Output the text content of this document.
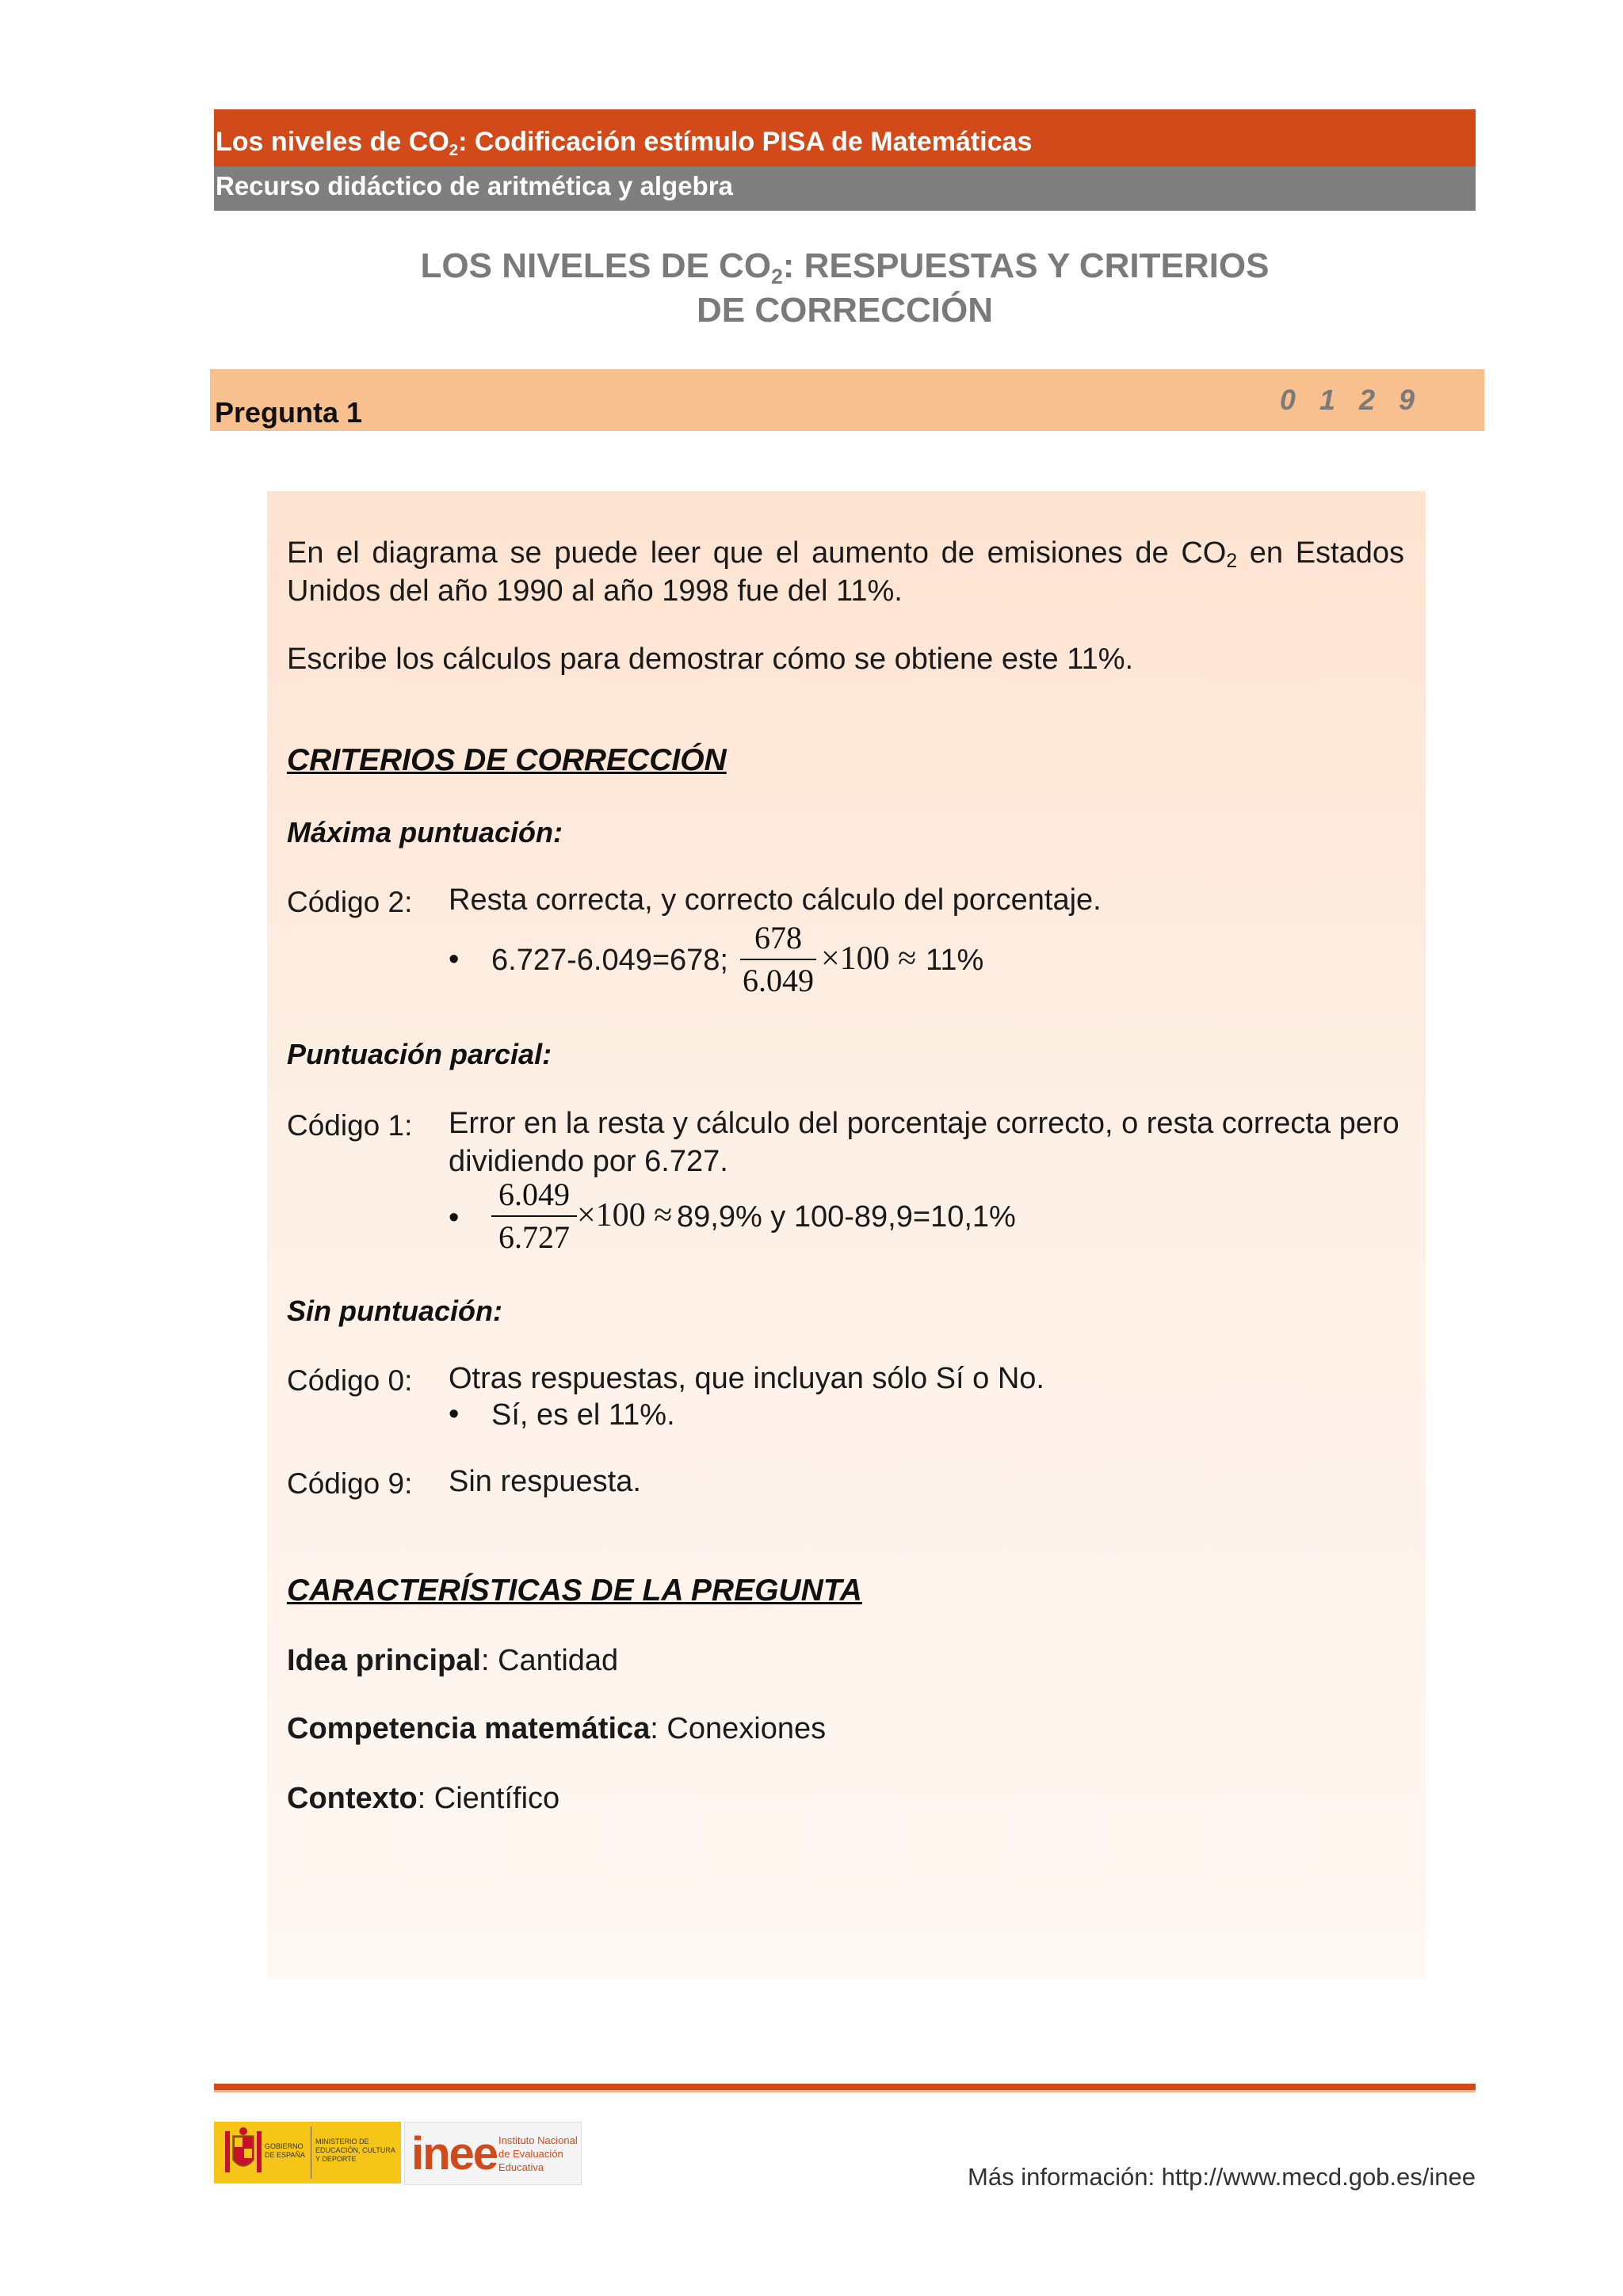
Los niveles de $CO_2$: Codificación estímulo PISA de Matemáticas
Recurso didáctico de aritmética y algebra
LOS NIVELES DE $CO_2$: RESPUESTAS Y CRITERIOS
DE CORRECCIÓN
Pregunta 1	0 1 2 9
En el diagrama se puede leer que el aumento de emisiones de $CO_2$ en Estados Unidos del año 1990 al año 1998 fue del 11%.
Escribe los cálculos para demostrar cómo se obtiene este 11%.
CRITERIOS DE CORRECCIÓN
Máxima puntuación:
Código 2: Resta correcta, y correcto cálculo del porcentaje.
• 6.727-6.049=678;
678
6.049
×100 ≈ 11%
Puntuación parcial:
Código 1: Error en la resta y cálculo del porcentaje correcto, o resta correcta pero
dividiendo por 6.727.
•
6.049
6.727
×100 ≈ 89,9% y 100-89,9=10,1%
Sin puntuación:
Código 0: Otras respuestas, que incluyan sólo Sí o No.
• Sí, es el 11%.
Código 9: Sin respuesta.
CARACTERÍSTICAS DE LA PREGUNTA
Idea principal: Cantidad
Competencia matemática: Conexiones
Contexto: Científico
GOBIERNO DE ESPAÑA
MINISTERIO DE EDUCACIÓN, CULTURA Y DEPORTE	inee Instituto Nacional de Evaluación Educativa	Más información: http://www.mecd.gob.es/inee
